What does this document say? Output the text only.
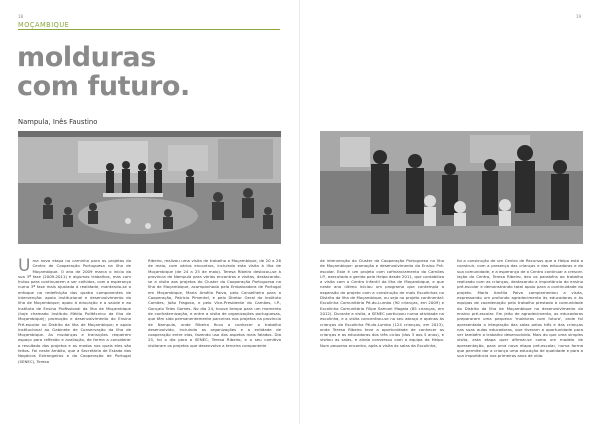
18
MOÇAMBIQUE
molduras
com futuro.
Nampula, Inês Faustino
U ma nova etapa no caminho para os projetos do Centro de Cooperação Portuguesa na Ilha de Moçambique. O ano de 2009 marca o início da sua 3ª fase (2009-2011) e algumas trabalhos, mas com frutos para continuarem a ser colhidos, com a esperança numa 3ª fase mais ajustada à realidade, mantendo-se o enfoque na redefinição dos quatro componentes de intervenção: apoio institucional e desenvolvimento da Ilha de Moçambique; apoio à educação e a saúde e ao Instituto de Ensino Profissional da Ilha de Moçambique (hoje chamado Instituto Médio Politécnico da Ilha de Moçambique); promoção e desenvolvimento do Ensino Pré-escolar no Distrito da Ilha de Moçambique; e apoio institucional ao Gabinete de Conservação da Ilha de Moçambique. As mudanças e transições requerem espaço para reflexão e avaliação, de forma a considerar o resultado dos projetos e os modos nos quais eles são feitos. Foi neste âmbito, que a Secretária de Estado dos Negócios Estrangeiros e da Cooperação de Portugal (SENEC), Teresa
Ribeiro, realizou uma visita de trabalho a Moçambique, de 20 a 26 de maio, com vários encontros, incluindo esta visita à Ilha de Moçambique (de 24 a 25 de maio). Teresa Ribeiro deslocou-se à província de Nampula para várias encontros e visitas, destacando-se a visita aos projetos do Cluster da Cooperação Portuguesa na Ilha de Moçambique, acompanhada pela Embaixadora de Portugal em Moçambique, Maria Amélia Paiva, pelo Conselheiro para a Cooperação, Patrício Pimentel, e pelo Diretor Geral do Instituto Camões, João Fragoso, e pelo Vice-Presidente do Camões, I.P., Gonçalo Teles Gomes. No dia 24, houve tempo para um momento de confraternização, e entre a visita de organizações portuguesas, que têm sido permanentemente parceiras nos projetos na província de Nampula, onde Ribeiro ficou a conhecer o trabalho desenvolvido, incluindo as organizações e a entidade de cooperação entre elas, fazendo uso dos aspetos mais falados. Dia 25, foi o dia para a SENEC, Teresa Ribeiro, e o seu comitiva visitaram os projetos que desenvolve a terceira componente
19
de intervenção do Cluster da Cooperação Portuguesa na Ilha de Moçambique: promoção e desenvolvimento do Ensino Pré-escolar. Este é um projeto com cofinanciamento do Camões I.P., executado e gerido pela Helpo desde 2011, que contabiliza a visita com o Centro Infantil da Ilha de Moçambique, e que neste ano último iniciou um programa que contempla a expansão do projeto com a construção de mais Escolinhas no Distrito da Ilha de Moçambique, ou seja no projeto continental: Escolinha Comunitária Pé-do-Lumbo (90 crianças, em 2009) e Escolinha Comunitária Filipe Samuel Magaia (85 crianças, em 2012). Durante a visita, a SENEC participou numa atividade na escolinha, e a visita concentrou-se no seu abraço e apenas às crianças da Escolinha Pé-do-Lumbo (124 crianças, em 2013), onde Teresa Ribeiro teve a oportunidade de conhecer as crianças e as educadoras dos três ciclos (dos 3 aos 5 anos), e visitou as salas, e ainda conversou com a equipa da Helpo. Num pequeno encontro, após a visita às salas da Escolinha,
foi a construção de um Centro de Recursos que a Helpo está a construir, com a presença das crianças e das educadoras e da sua comunidade, e a esperança de o Centro continuar a crescer. lação do Centro, Teresa Ribeiro, deu os parabéns ao trabalho realizado com as crianças, destacando a importância do ensino pré-escolar e demonstrando total apoio para a continuidade do projeto. Maria Amélia Paiva complementou a visita, expressando um profundo agradecimento às educadoras e às equipas de coordenação pelo trabalho prestado à comunidade do Distrito da Ilha de Moçambique no desenvolvimento do ensino pré-escolar. Em jeito de agradecimento, as educadoras prepararam uma pequena 'molduras com futuro', onde foi apresentada a integração das salas pelos três e das crianças nas suas aulas educadoras, que tiveram a oportunidade para ver também o trabalho desenvolvido. Mais do que uma simples visita, esta etapa quer afirmar-se como um modelo de apresentação, para uma nova etapa pré-escolar, numa forma que permite dar a criança uma educação de qualidade e para a sua importância nos primeiros anos de vida.
